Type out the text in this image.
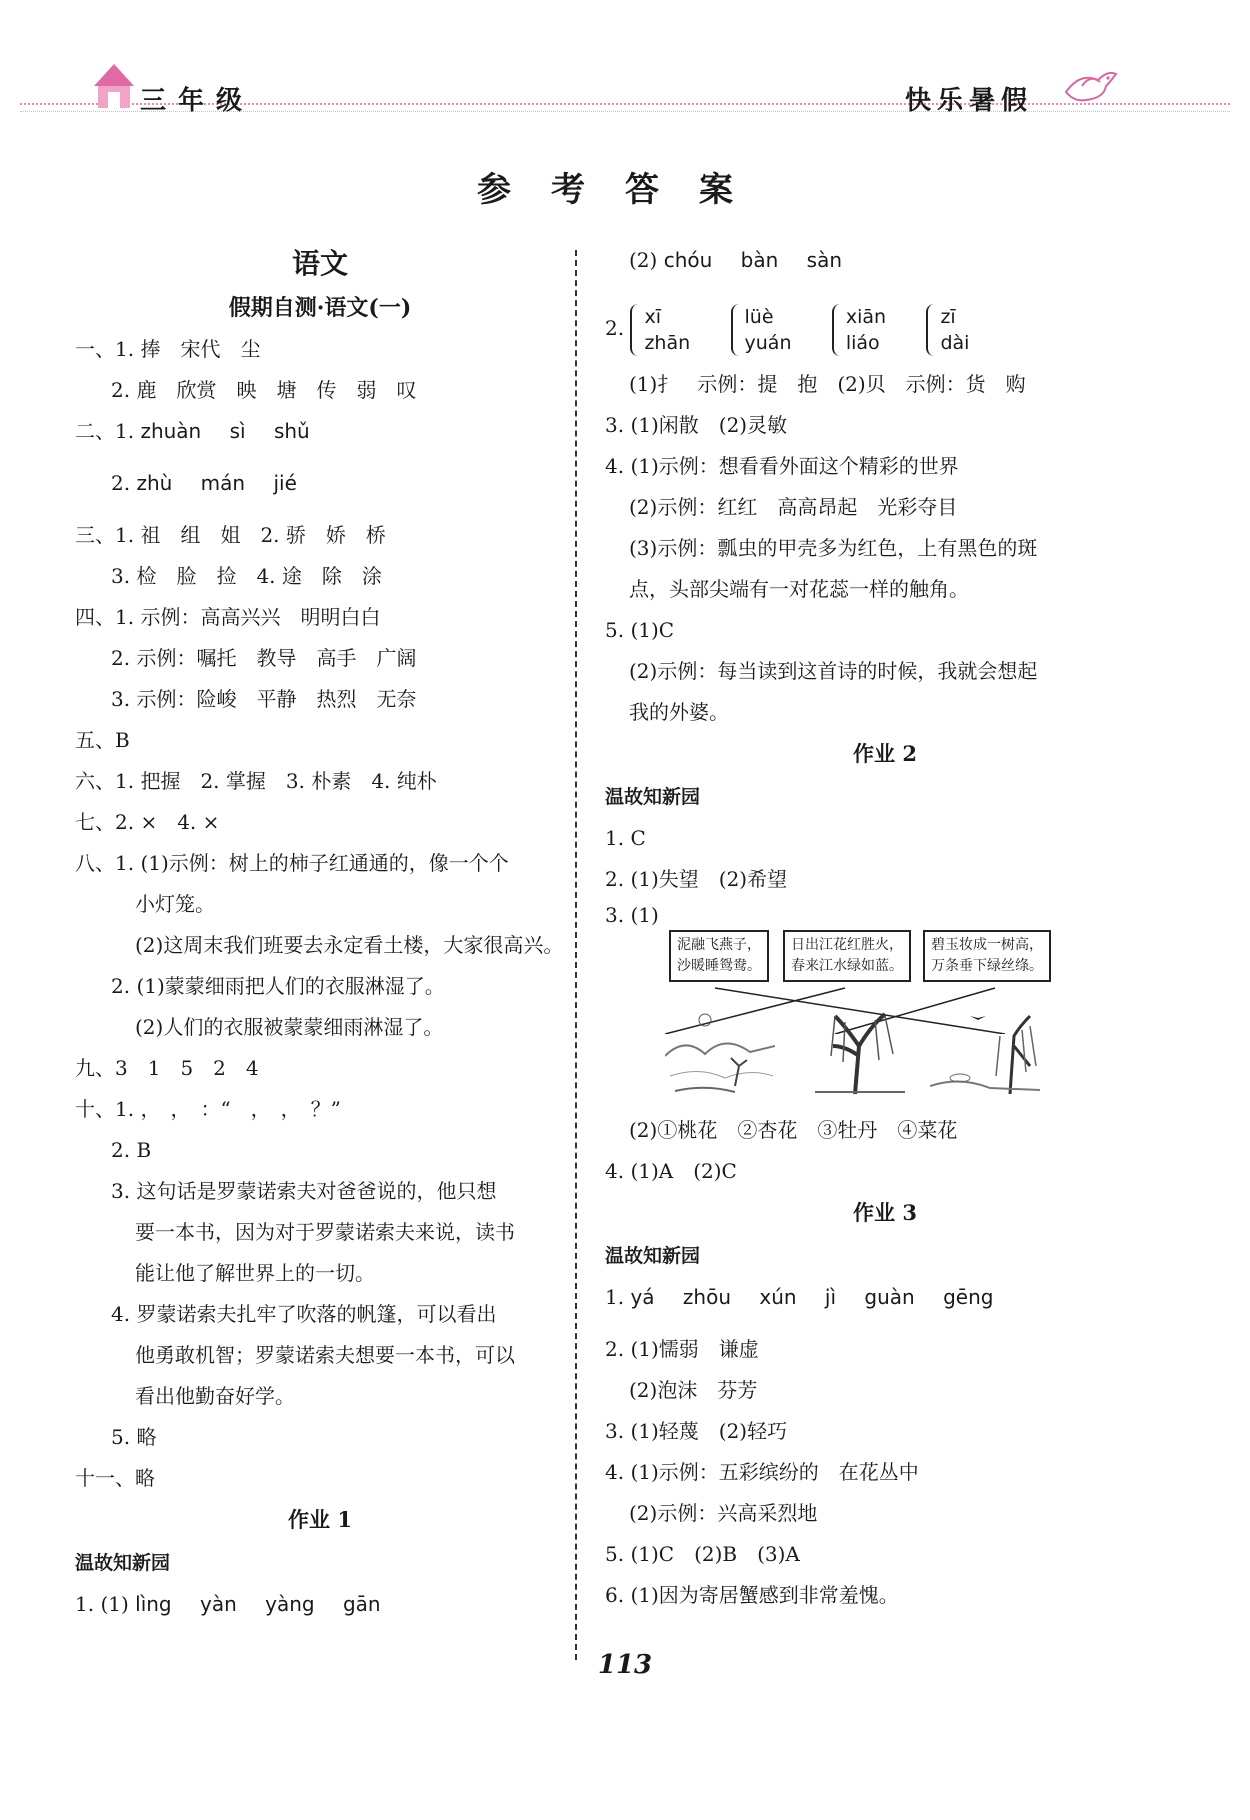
三年级	快乐暑假
参考答案
语文
假期自测·语文(一)
一、1. 捧　宋代　尘
2. 鹿　欣赏　映　塘　传　弱　叹
二、1. zhuàn sì shǔ
2. zhù mán jié
三、1. 祖　组　姐　2. 骄　娇　桥
3. 检　脸　捡　4. 途　除　涂
四、1. 示例：高高兴兴　明明白白
2. 示例：嘱托　教导　高手　广阔
3. 示例：险峻　平静　热烈　无奈
五、B
六、1. 把握　2. 掌握　3. 朴素　4. 纯朴
七、2. ×　4. ×
八、1. (1)示例：树上的柿子红通通的，像一个个
小灯笼。
(2)这周末我们班要去永定看土楼，大家很高兴。
2. (1)蒙蒙细雨把人们的衣服淋湿了。
(2)人们的衣服被蒙蒙细雨淋湿了。
九、3　1　5　2　4
十、1. ，　，　：“　，　，　？”
2. B
3. 这句话是罗蒙诺索夫对爸爸说的，他只想
要一本书，因为对于罗蒙诺索夫来说，读书
能让他了解世界上的一切。
4. 罗蒙诺索夫扎牢了吹落的帆篷，可以看出
他勇敢机智；罗蒙诺索夫想要一本书，可以
看出他勤奋好学。
5. 略
十一、略
作业 1
温故知新园
1. (1) lìng yàn yàng gān
(2) chóu bàn sàn
2. xī
zhān lüè
yuán xiān
liáo zī
dài
(1)扌　示例：提　抱　(2)贝　示例：货　购
3. (1)闲散　(2)灵敏
4. (1)示例：想看看外面这个精彩的世界
(2)示例：红红　高高昂起　光彩夺目
(3)示例：瓢虫的甲壳多为红色，上有黑色的斑
点，头部尖端有一对花蕊一样的触角。
5. (1)C
(2)示例：每当读到这首诗的时候，我就会想起
我的外婆。
作业 2
温故知新园
1. C
2. (1)失望　(2)希望
3. (1)
泥融飞燕子，
沙暖睡鸳鸯。
日出江花红胜火，
春来江水绿如蓝。
碧玉妆成一树高，
万条垂下绿丝绦。
(2)①桃花　②杏花　③牡丹　④菜花
4. (1)A　(2)C
作业 3
温故知新园
1. yá zhōu xún jì guàn gēng
2. (1)懦弱　谦虚
(2)泡沫　芬芳
3. (1)轻蔑　(2)轻巧
4. (1)示例：五彩缤纷的　在花丛中
(2)示例：兴高采烈地
5. (1)C　(2)B　(3)A
6. (1)因为寄居蟹感到非常羞愧。
113
